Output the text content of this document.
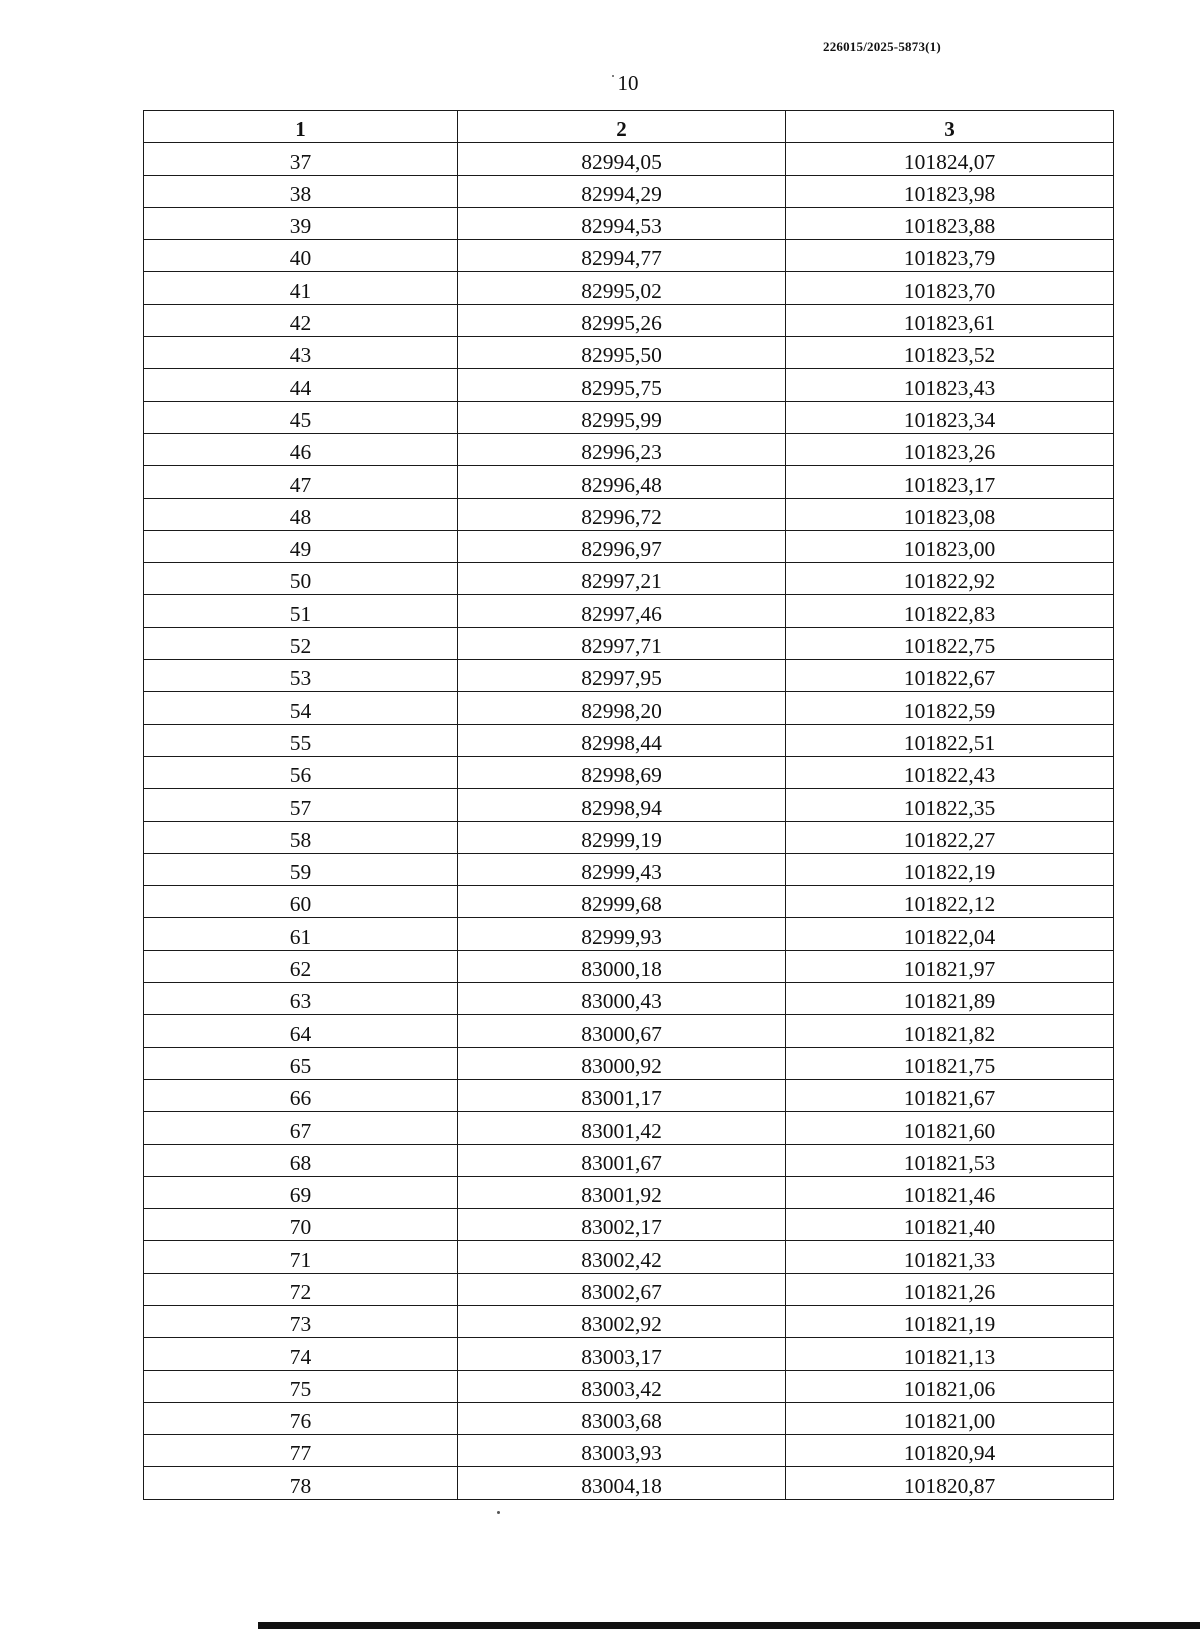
226015/2025-5873(1)
10
1	2	3
37	82994,05	101824,07
38	82994,29	101823,98
39	82994,53	101823,88
40	82994,77	101823,79
41	82995,02	101823,70
42	82995,26	101823,61
43	82995,50	101823,52
44	82995,75	101823,43
45	82995,99	101823,34
46	82996,23	101823,26
47	82996,48	101823,17
48	82996,72	101823,08
49	82996,97	101823,00
50	82997,21	101822,92
51	82997,46	101822,83
52	82997,71	101822,75
53	82997,95	101822,67
54	82998,20	101822,59
55	82998,44	101822,51
56	82998,69	101822,43
57	82998,94	101822,35
58	82999,19	101822,27
59	82999,43	101822,19
60	82999,68	101822,12
61	82999,93	101822,04
62	83000,18	101821,97
63	83000,43	101821,89
64	83000,67	101821,82
65	83000,92	101821,75
66	83001,17	101821,67
67	83001,42	101821,60
68	83001,67	101821,53
69	83001,92	101821,46
70	83002,17	101821,40
71	83002,42	101821,33
72	83002,67	101821,26
73	83002,92	101821,19
74	83003,17	101821,13
75	83003,42	101821,06
76	83003,68	101821,00
77	83003,93	101820,94
78	83004,18	101820,87
